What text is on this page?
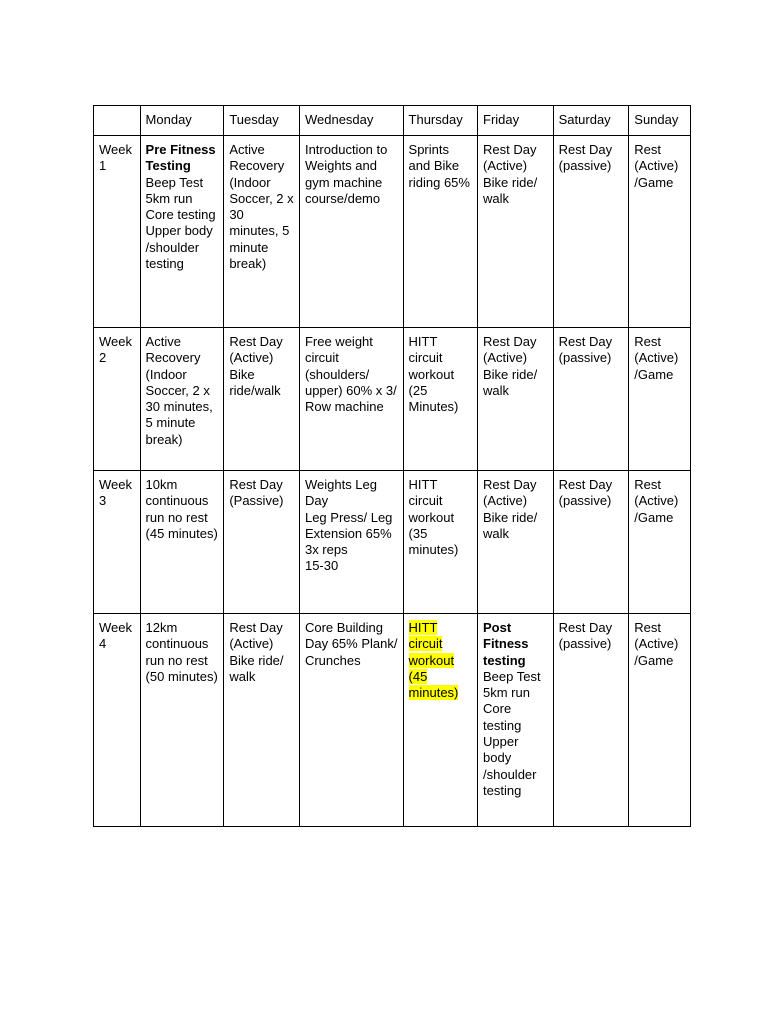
	Monday	Tuesday	Wednesday	Thursday	Friday	Saturday	Sunday
Week 1	Pre Fitness Testing
Beep Test
5km run
Core testing
Upper body /shoulder testing	Active Recovery (Indoor Soccer, 2 x 30 minutes, 5 minute break)	Introduction to Weights and gym machine course/demo	Sprints and Bike riding 65%	Rest Day (Active) Bike ride/ walk	Rest Day (passive)	Rest (Active) /Game
Week 2	Active Recovery (Indoor Soccer, 2 x 30 minutes, 5 minute break)	Rest Day (Active) Bike ride/walk	Free weight circuit (shoulders/ upper) 60% x 3/ Row machine	HITT circuit workout (25 Minutes)	Rest Day (Active) Bike ride/ walk	Rest Day (passive)	Rest (Active) /Game
Week 3	10km continuous run no rest (45 minutes)	Rest Day (Passive)	Weights Leg Day
Leg Press/ Leg Extension 65%
3x reps
15-30	HITT circuit workout (35 minutes)	Rest Day (Active) Bike ride/ walk	Rest Day (passive)	Rest (Active) /Game
Week 4	12km continuous run no rest (50 minutes)	Rest Day (Active) Bike ride/ walk	Core Building Day 65% Plank/ Crunches	HITT circuit workout (45 minutes)	Post Fitness testing
Beep Test
5km run
Core testing
Upper body /shoulder testing	Rest Day (passive)	Rest (Active) /Game
